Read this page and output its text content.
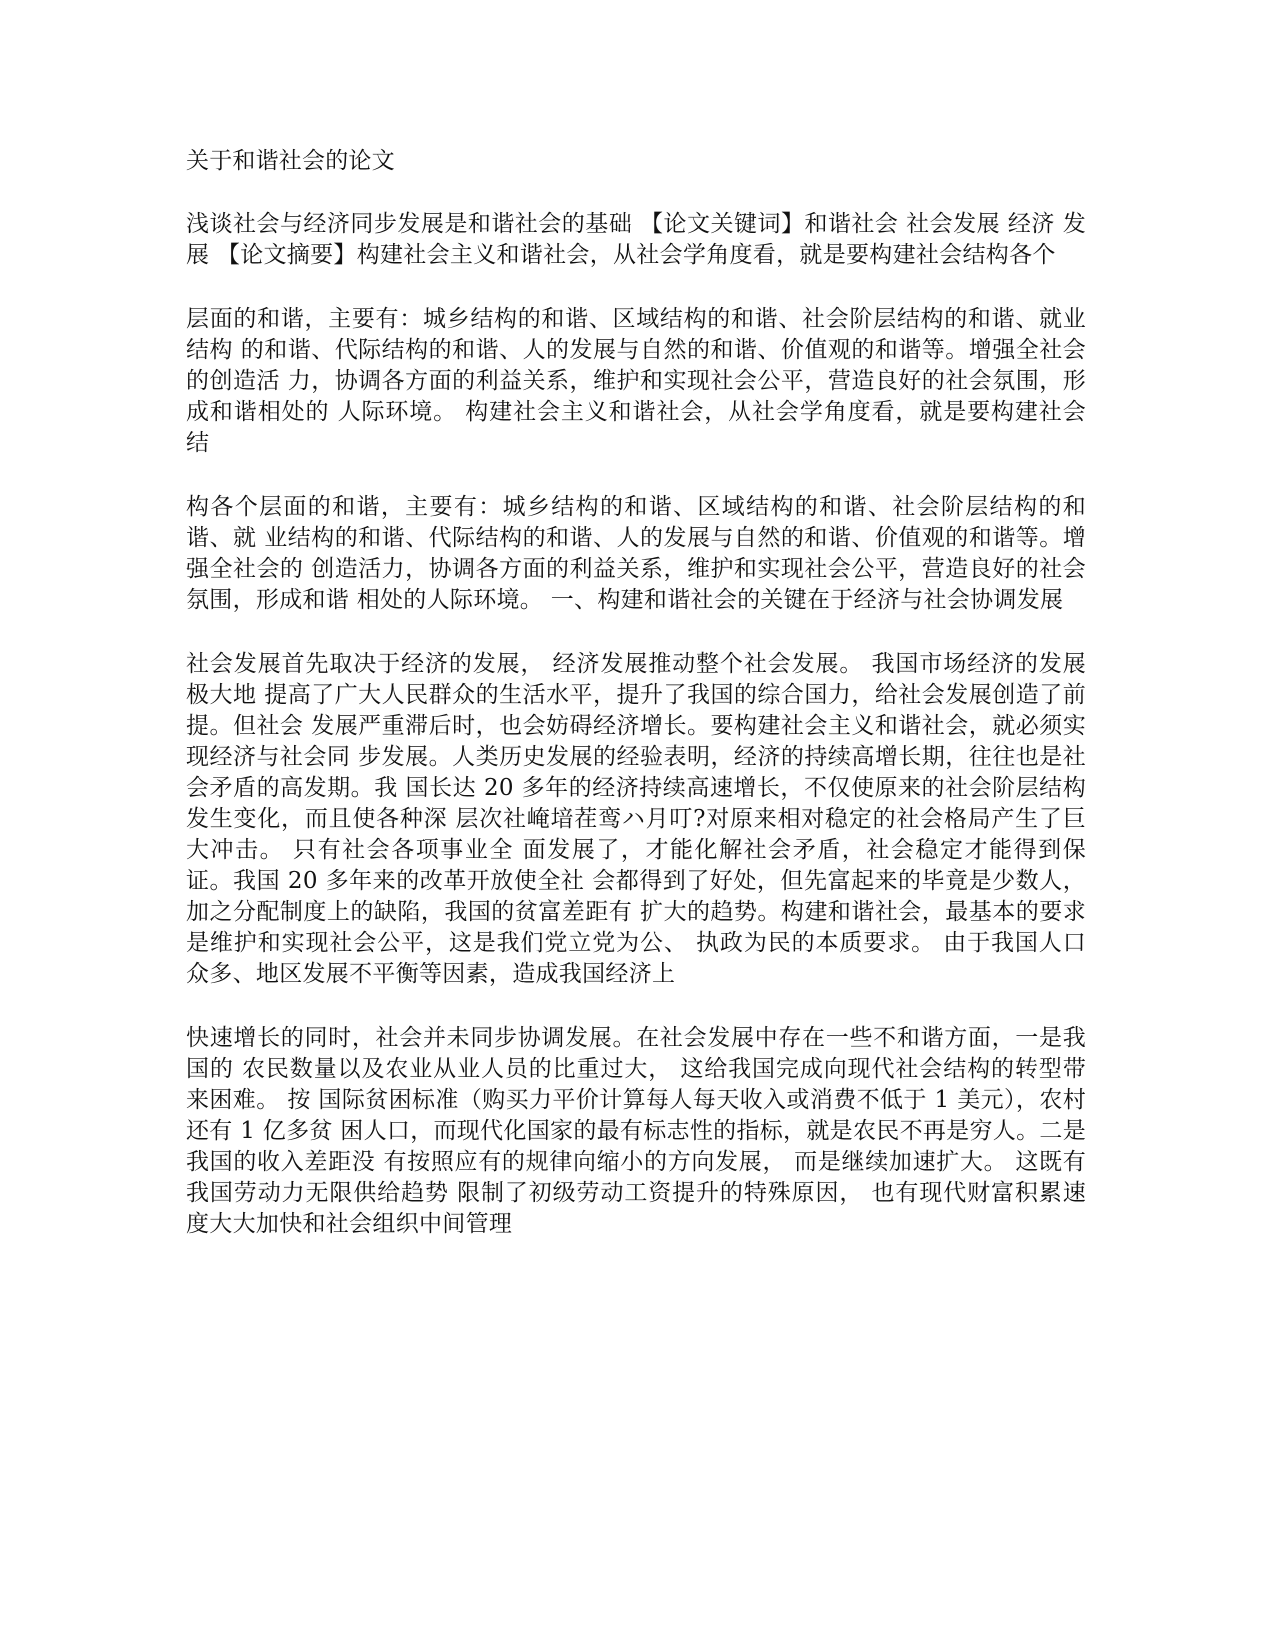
关于和谐社会的论文

浅谈社会与经济同步发展是和谐社会的基础 【论文关键词】和谐社会 社会发展 经济 发展 【论文摘要】构建社会主义和谐社会，从社会学角度看，就是要构建社会结构各个

层面的和谐，主要有：城乡结构的和谐、区域结构的和谐、社会阶层结构的和谐、就业结构 的和谐、代际结构的和谐、人的发展与自然的和谐、价值观的和谐等。增强全社会的创造活 力，协调各方面的利益关系，维护和实现社会公平，营造良好的社会氛围，形成和谐相处的 人际环境。 构建社会主义和谐社会，从社会学角度看，就是要构建社会结

构各个层面的和谐，主要有：城乡结构的和谐、区域结构的和谐、社会阶层结构的和谐、就 业结构的和谐、代际结构的和谐、人的发展与自然的和谐、价值观的和谐等。增强全社会的 创造活力，协调各方面的利益关系，维护和实现社会公平，营造良好的社会氛围，形成和谐 相处的人际环境。 一、构建和谐社会的关键在于经济与社会协调发展

社会发展首先取决于经济的发展， 经济发展推动整个社会发展。 我国市场经济的发展极大地 提高了广大人民群众的生活水平，提升了我国的综合国力，给社会发展创造了前提。但社会 发展严重滞后时，也会妨碍经济增长。要构建社会主义和谐社会，就必须实现经济与社会同 步发展。人类历史发展的经验表明，经济的持续高增长期，往往也是社会矛盾的高发期。我 国长达 20 多年的经济持续高速增长，不仅使原来的社会阶层结构发生变化，而且使各种深 层次社崦堷茬鸾ハ月叮?对原来相对稳定的社会格局产生了巨大冲击。 只有社会各项事业全 面发展了，才能化解社会矛盾，社会稳定才能得到保证。我国 20 多年来的改革开放使全社 会都得到了好处，但先富起来的毕竟是少数人，加之分配制度上的缺陷，我国的贫富差距有 扩大的趋势。构建和谐社会，最基本的要求是维护和实现社会公平，这是我们党立党为公、 执政为民的本质要求。 由于我国人口众多、地区发展不平衡等因素，造成我国经济上

快速增长的同时，社会并未同步协调发展。在社会发展中存在一些不和谐方面，一是我国的 农民数量以及农业从业人员的比重过大， 这给我国完成向现代社会结构的转型带来困难。 按 国际贫困标准（购买力平价计算每人每天收入或消费不低于 1 美元），农村还有 1 亿多贫 困人口，而现代化国家的最有标志性的指标，就是农民不再是穷人。二是我国的收入差距没 有按照应有的规律向缩小的方向发展， 而是继续加速扩大。 这既有我国劳动力无限供给趋势 限制了初级劳动工资提升的特殊原因， 也有现代财富积累速度大大加快和社会组织中间管理
